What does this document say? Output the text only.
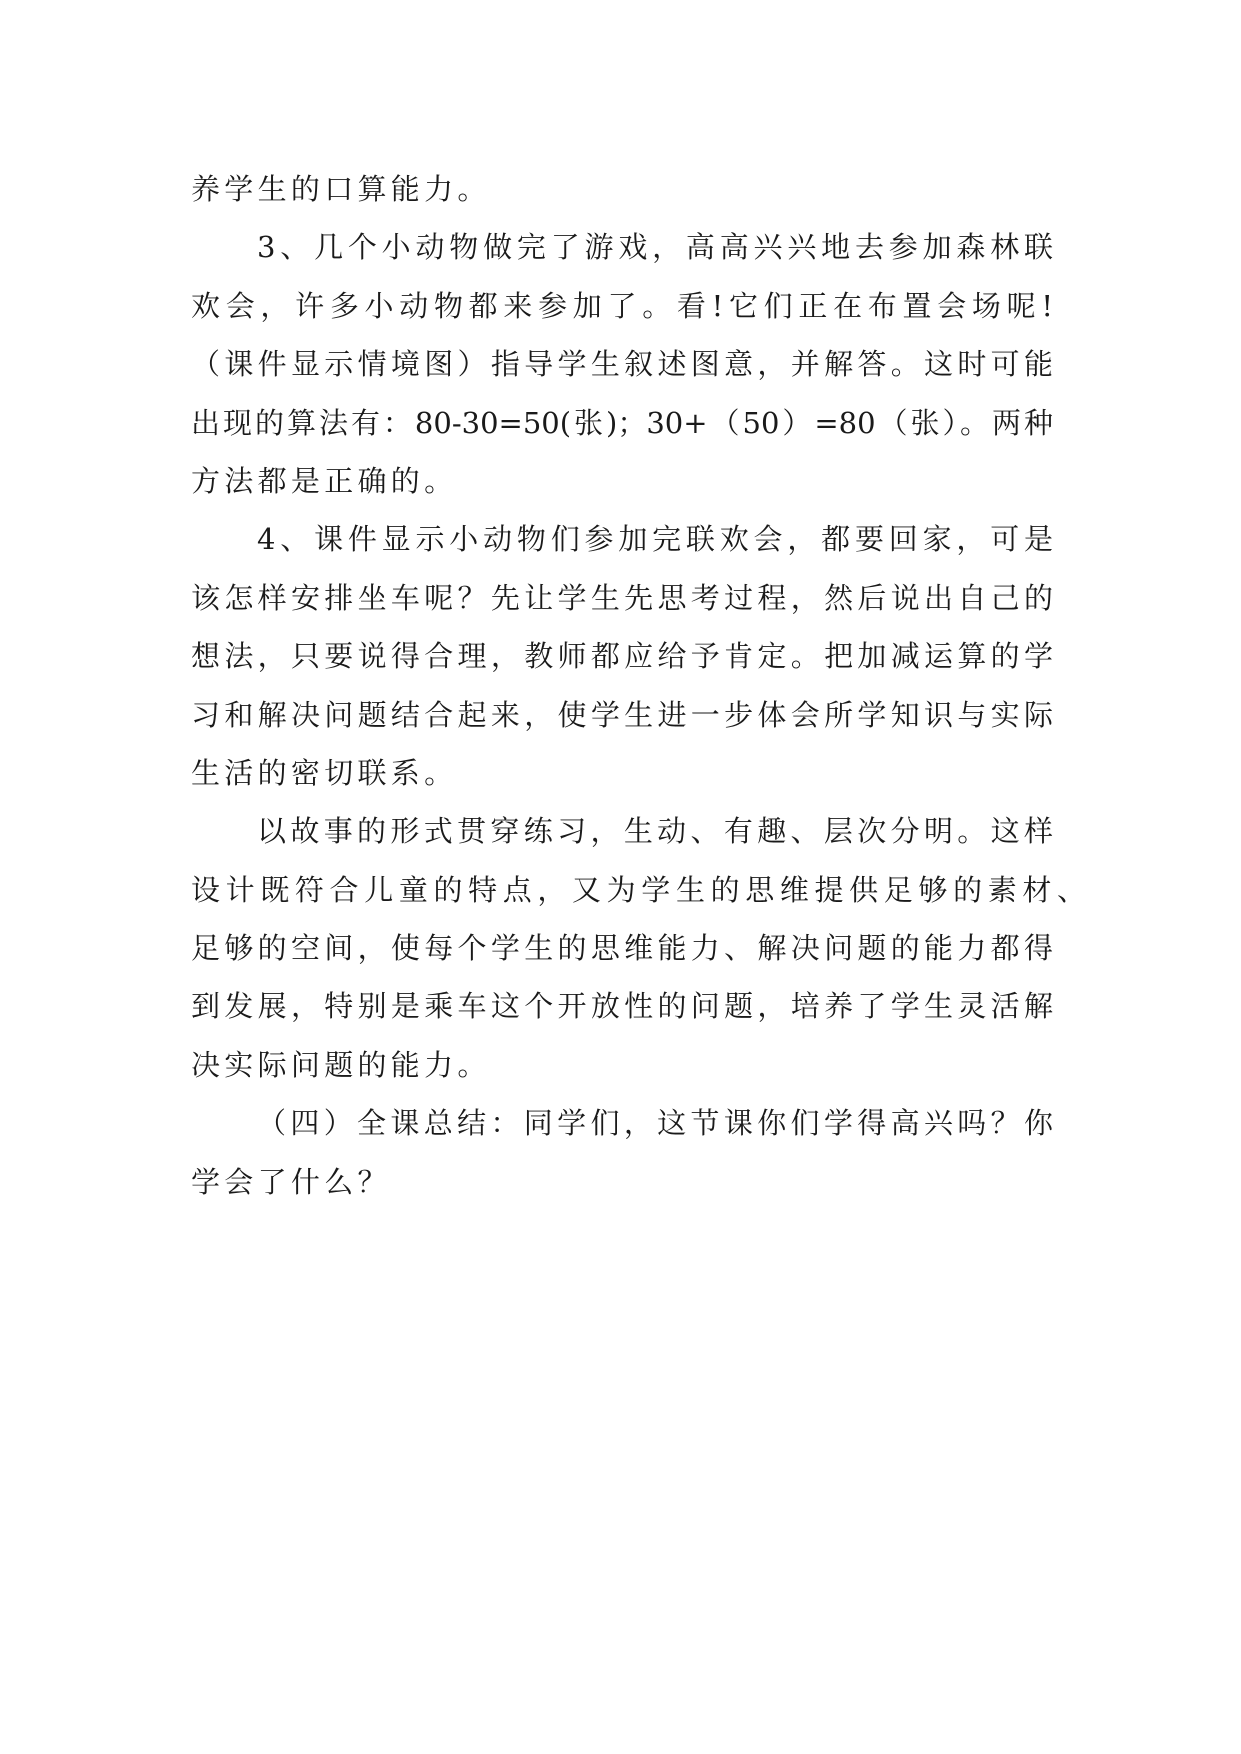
养学生的口算能力。
3、几个小动物做完了游戏，高高兴兴地去参加森林联
欢会，许多小动物都来参加了。看!它们正在布置会场呢!
（课件显示情境图）指导学生叙述图意，并解答。这时可能
出现的算法有：80-30=50(张)；30+（50）=80（张）。两种
方法都是正确的。
4、课件显示小动物们参加完联欢会，都要回家，可是
该怎样安排坐车呢？先让学生先思考过程，然后说出自己的
想法，只要说得合理，教师都应给予肯定。把加减运算的学
习和解决问题结合起来，使学生进一步体会所学知识与实际
生活的密切联系。
以故事的形式贯穿练习，生动、有趣、层次分明。这样
设计既符合儿童的特点，又为学生的思维提供足够的素材、
足够的空间，使每个学生的思维能力、解决问题的能力都得
到发展，特别是乘车这个开放性的问题，培养了学生灵活解
决实际问题的能力。
（四）全课总结：同学们，这节课你们学得高兴吗？你
学会了什么？
